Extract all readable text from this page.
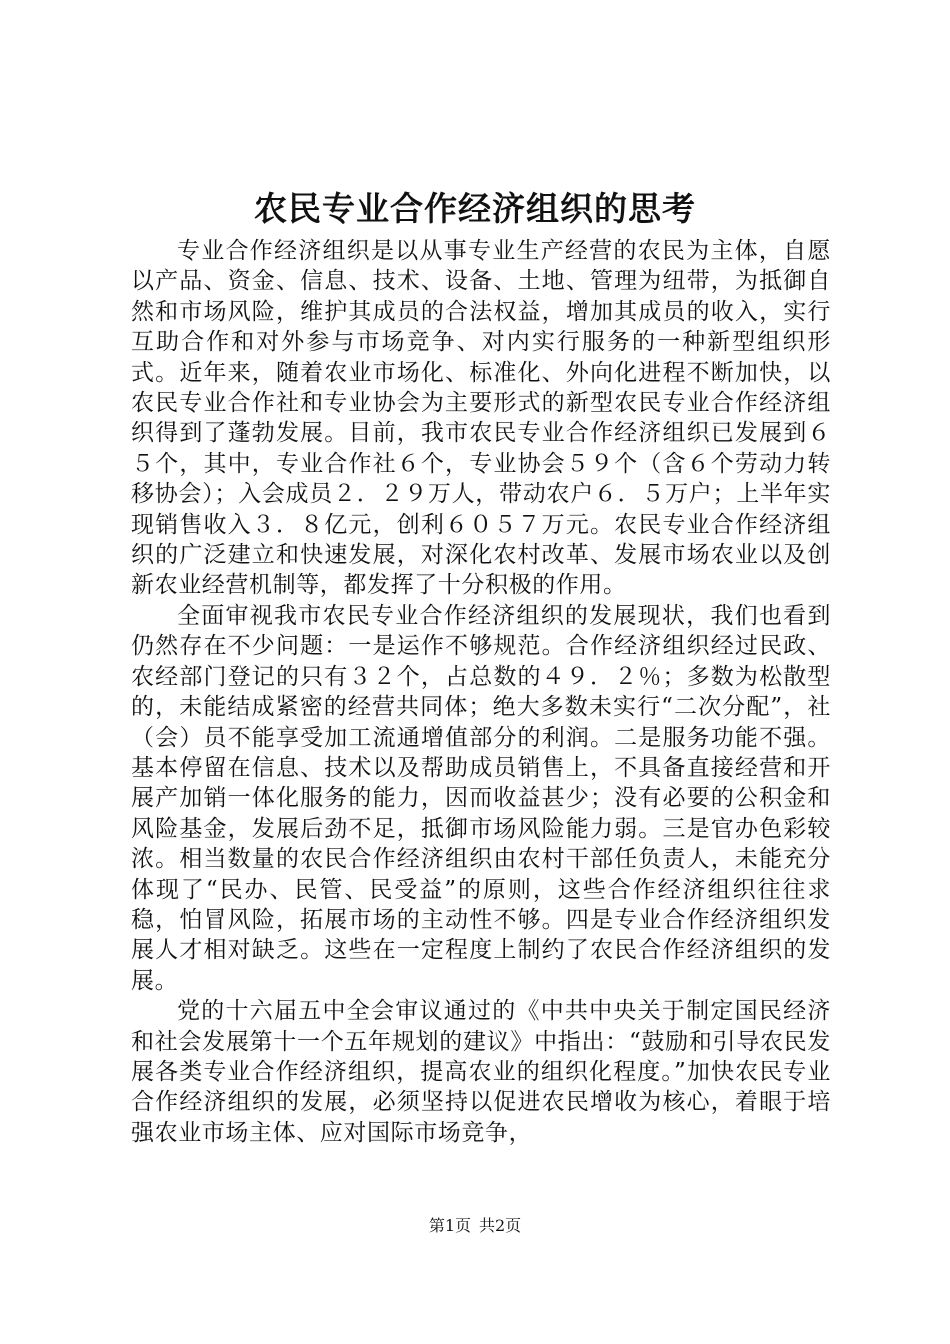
农民专业合作经济组织的思考

专业合作经济组织是以从事专业生产经营的农民为主体，自愿以产品、资金、信息、技术、设备、土地、管理为纽带，为抵御自然和市场风险，维护其成员的合法权益，增加其成员的收入，实行互助合作和对外参与市场竞争、对内实行服务的一种新型组织形式。近年来，随着农业市场化、标准化、外向化进程不断加快，以农民专业合作社和专业协会为主要形式的新型农民专业合作经济组织得到了蓬勃发展。目前，我市农民专业合作经济组织已发展到６５个，其中，专业合作社６个，专业协会５９个（含６个劳动力转移协会）；入会成员２．２９万人，带动农户６．５万户；上半年实现销售收入３．８亿元，创利６０５７万元。农民专业合作经济组织的广泛建立和快速发展，对深化农村改革、发展市场农业以及创新农业经营机制等，都发挥了十分积极的作用。

全面审视我市农民专业合作经济组织的发展现状，我们也看到仍然存在不少问题：一是运作不够规范。合作经济组织经过民政、农经部门登记的只有３２个，占总数的４９．２％；多数为松散型的，未能结成紧密的经营共同体；绝大多数未实行“二次分配”，社（会）员不能享受加工流通增值部分的利润。二是服务功能不强。基本停留在信息、技术以及帮助成员销售上，不具备直接经营和开展产加销一体化服务的能力，因而收益甚少；没有必要的公积金和风险基金，发展后劲不足，抵御市场风险能力弱。三是官办色彩较浓。相当数量的农民合作经济组织由农村干部任负责人，未能充分体现了“民办、民管、民受益”的原则，这些合作经济组织往往求稳，怕冒风险，拓展市场的主动性不够。四是专业合作经济组织发展人才相对缺乏。这些在一定程度上制约了农民合作经济组织的发展。

党的十六届五中全会审议通过的《中共中央关于制定国民经济和社会发展第十一个五年规划的建议》中指出：“鼓励和引导农民发展各类专业合作经济组织，提高农业的组织化程度。”加快农民专业合作经济组织的发展，必须坚持以促进农民增收为核心，着眼于培强农业市场主体、应对国际市场竞争，

第1页 共2页
